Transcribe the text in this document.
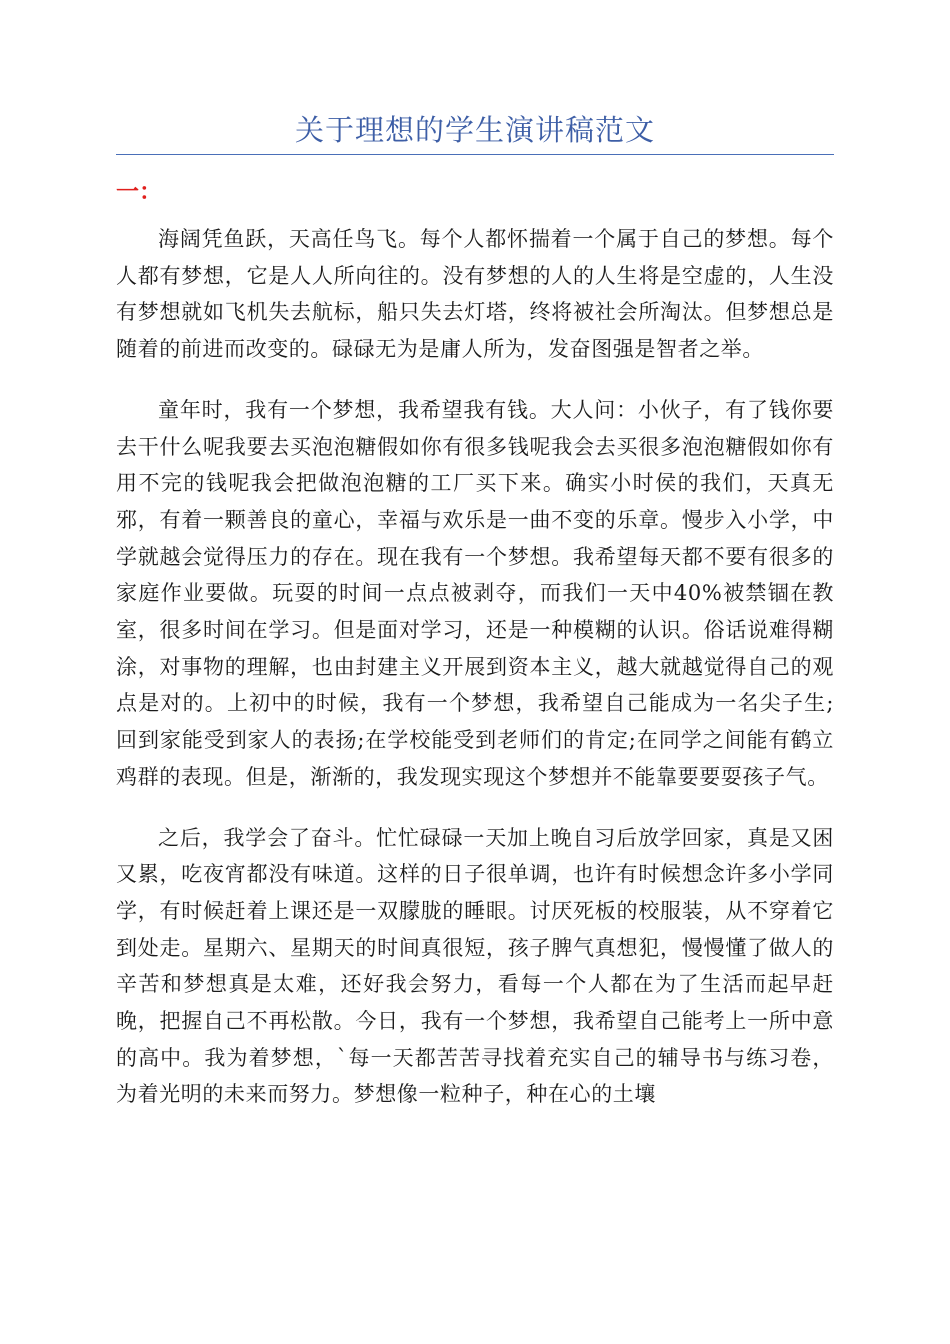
关于理想的学生演讲稿范文
一：

海阔凭鱼跃，天高任鸟飞。每个人都怀揣着一个属于自己的梦想。每个人都有梦想，它是人人所向往的。没有梦想的人的人生将是空虚的，人生没有梦想就如飞机失去航标，船只失去灯塔，终将被社会所淘汰。但梦想总是随着的前进而改变的。碌碌无为是庸人所为，发奋图强是智者之举。

童年时，我有一个梦想，我希望我有钱。大人问：小伙子，有了钱你要去干什么呢我要去买泡泡糖假如你有很多钱呢我会去买很多泡泡糖假如你有用不完的钱呢我会把做泡泡糖的工厂买下来。确实小时侯的我们，天真无邪，有着一颗善良的童心，幸福与欢乐是一曲不变的乐章。慢步入小学，中学就越会觉得压力的存在。现在我有一个梦想。我希望每天都不要有很多的家庭作业要做。玩耍的时间一点点被剥夺，而我们一天中40%被禁锢在教室，很多时间在学习。但是面对学习，还是一种模糊的认识。俗话说难得糊涂，对事物的理解，也由封建主义开展到资本主义，越大就越觉得自己的观点是对的。上初中的时候，我有一个梦想，我希望自己能成为一名尖子生;回到家能受到家人的表扬;在学校能受到老师们的肯定;在同学之间能有鹤立鸡群的表现。但是，渐渐的，我发现实现这个梦想并不能靠要要耍孩子气。

之后，我学会了奋斗。忙忙碌碌一天加上晚自习后放学回家，真是又困又累，吃夜宵都没有味道。这样的日子很单调，也许有时候想念许多小学同学，有时候赶着上课还是一双朦胧的睡眼。讨厌死板的校服装，从不穿着它到处走。星期六、星期天的时间真很短，孩子脾气真想犯，慢慢懂了做人的辛苦和梦想真是太难，还好我会努力，看每一个人都在为了生活而起早赶晚，把握自己不再松散。今日，我有一个梦想，我希望自己能考上一所中意的高中。我为着梦想，`每一天都苦苦寻找着充实自己的辅导书与练习卷，为着光明的未来而努力。梦想像一粒种子，种在心的土壤
